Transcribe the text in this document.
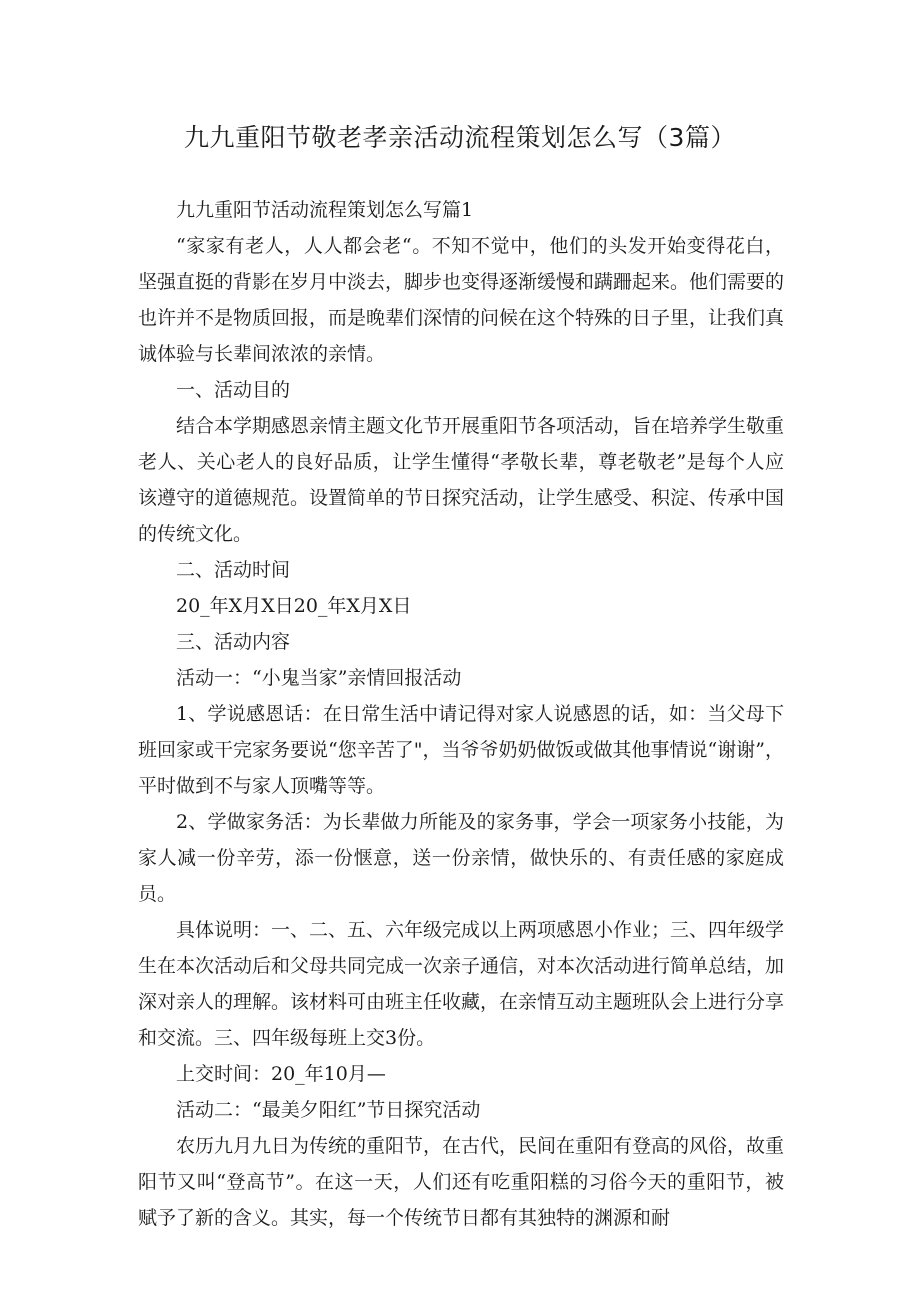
九九重阳节敬老孝亲活动流程策划怎么写（3篇）

九九重阳节活动流程策划怎么写篇1

“家家有老人，人人都会老“。不知不觉中，他们的头发开始变得花白，坚强直挺的背影在岁月中淡去，脚步也变得逐渐缓慢和蹒跚起来。他们需要的也许并不是物质回报，而是晚辈们深情的问候在这个特殊的日子里，让我们真诚体验与长辈间浓浓的亲情。

一、活动目的

结合本学期感恩亲情主题文化节开展重阳节各项活动，旨在培养学生敬重老人、关心老人的良好品质，让学生懂得“孝敬长辈，尊老敬老”是每个人应该遵守的道德规范。设置简单的节日探究活动，让学生感受、积淀、传承中国的传统文化。

二、活动时间

20_年X月X日20_年X月X日

三、活动内容

活动一：“小鬼当家”亲情回报活动

1、学说感恩话：在日常生活中请记得对家人说感恩的话，如：当父母下班回家或干完家务要说“您辛苦了"，当爷爷奶奶做饭或做其他事情说“谢谢”，平时做到不与家人顶嘴等等。

2、学做家务活：为长辈做力所能及的家务事，学会一项家务小技能，为家人减一份辛劳，添一份惬意，送一份亲情，做快乐的、有责任感的家庭成员。

具体说明：一、二、五、六年级完成以上两项感恩小作业；三、四年级学生在本次活动后和父母共同完成一次亲子通信，对本次活动进行简单总结，加深对亲人的理解。该材料可由班主任收藏，在亲情互动主题班队会上进行分享和交流。三、四年级每班上交3份。

上交时间：20_年10月—

活动二：“最美夕阳红”节日探究活动

农历九月九日为传统的重阳节，在古代，民间在重阳有登高的风俗，故重阳节又叫“登高节”。在这一天，人们还有吃重阳糕的习俗今天的重阳节，被赋予了新的含义。其实，每一个传统节日都有其独特的渊源和耐
